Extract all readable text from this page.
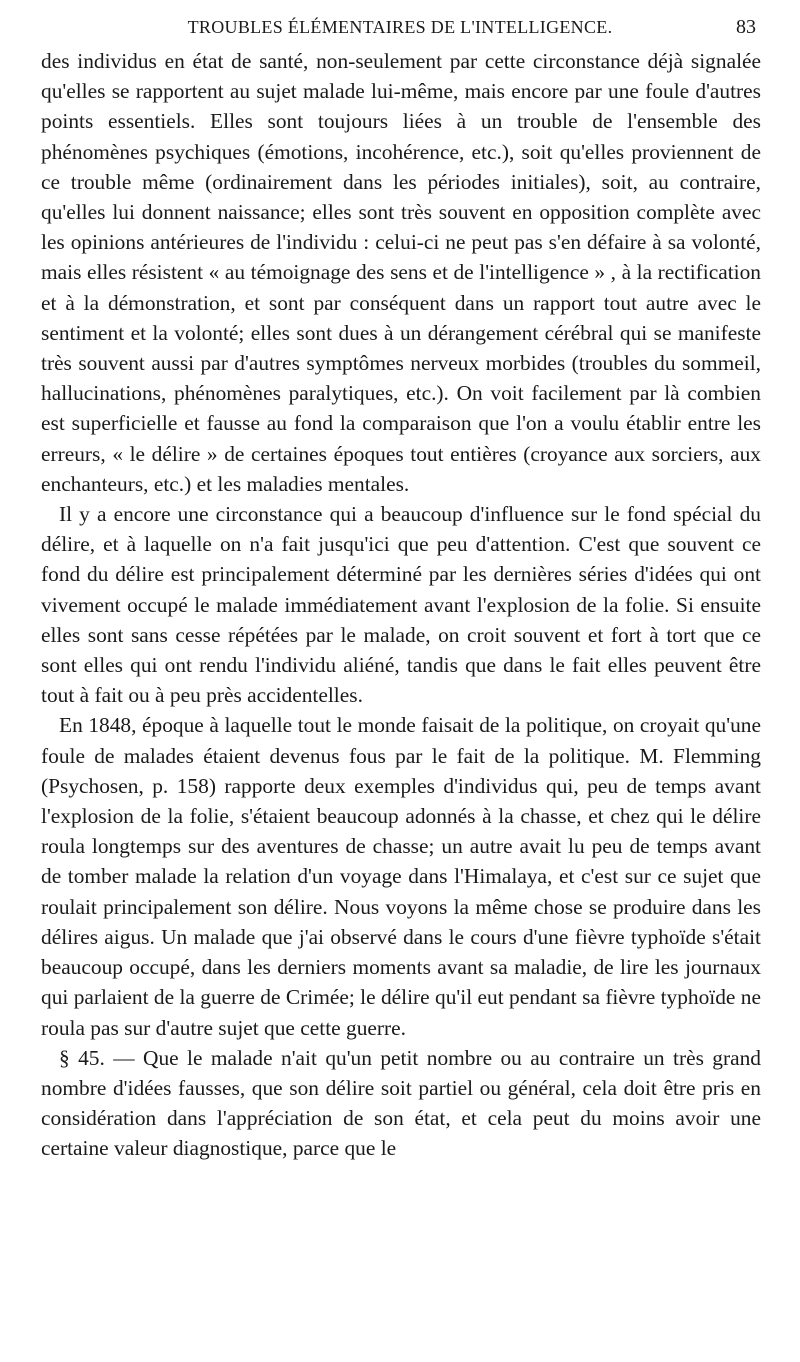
TROUBLES ÉLÉMENTAIRES DE L'INTELLIGENCE.	83

des individus en état de santé, non-seulement par cette circonstance déjà signalée qu'elles se rapportent au sujet malade lui-même, mais encore par une foule d'autres points essentiels. Elles sont toujours liées à un trouble de l'ensemble des phénomènes psychiques (émotions, incohérence, etc.), soit qu'elles proviennent de ce trouble même (ordinairement dans les périodes initiales), soit, au contraire, qu'elles lui donnent naissance; elles sont très souvent en opposition complète avec les opinions antérieures de l'individu : celui-ci ne peut pas s'en défaire à sa volonté, mais elles résistent « au témoignage des sens et de l'intelligence » , à la rectification et à la démonstration, et sont par conséquent dans un rapport tout autre avec le sentiment et la volonté; elles sont dues à un dérangement cérébral qui se manifeste très souvent aussi par d'autres symptômes nerveux morbides (troubles du sommeil, hallucinations, phénomènes paralytiques, etc.). On voit facilement par là combien est superficielle et fausse au fond la comparaison que l'on a voulu établir entre les erreurs, « le délire » de certaines époques tout entières (croyance aux sorciers, aux enchanteurs, etc.) et les maladies mentales.

Il y a encore une circonstance qui a beaucoup d'influence sur le fond spécial du délire, et à laquelle on n'a fait jusqu'ici que peu d'attention. C'est que souvent ce fond du délire est principalement déterminé par les dernières séries d'idées qui ont vivement occupé le malade immédiatement avant l'explosion de la folie. Si ensuite elles sont sans cesse répétées par le malade, on croit souvent et fort à tort que ce sont elles qui ont rendu l'individu aliéné, tandis que dans le fait elles peuvent être tout à fait ou à peu près accidentelles.

En 1848, époque à laquelle tout le monde faisait de la politique, on croyait qu'une foule de malades étaient devenus fous par le fait de la politique. M. Flemming (Psychosen, p. 158) rapporte deux exemples d'individus qui, peu de temps avant l'explosion de la folie, s'étaient beaucoup adonnés à la chasse, et chez qui le délire roula longtemps sur des aventures de chasse; un autre avait lu peu de temps avant de tomber malade la relation d'un voyage dans l'Himalaya, et c'est sur ce sujet que roulait principalement son délire. Nous voyons la même chose se produire dans les délires aigus. Un malade que j'ai observé dans le cours d'une fièvre typhoïde s'était beaucoup occupé, dans les derniers moments avant sa maladie, de lire les journaux qui parlaient de la guerre de Crimée; le délire qu'il eut pendant sa fièvre typhoïde ne roula pas sur d'autre sujet que cette guerre.

§ 45. — Que le malade n'ait qu'un petit nombre ou au contraire un très grand nombre d'idées fausses, que son délire soit partiel ou général, cela doit être pris en considération dans l'appréciation de son état, et cela peut du moins avoir une certaine valeur diagnostique, parce que le
